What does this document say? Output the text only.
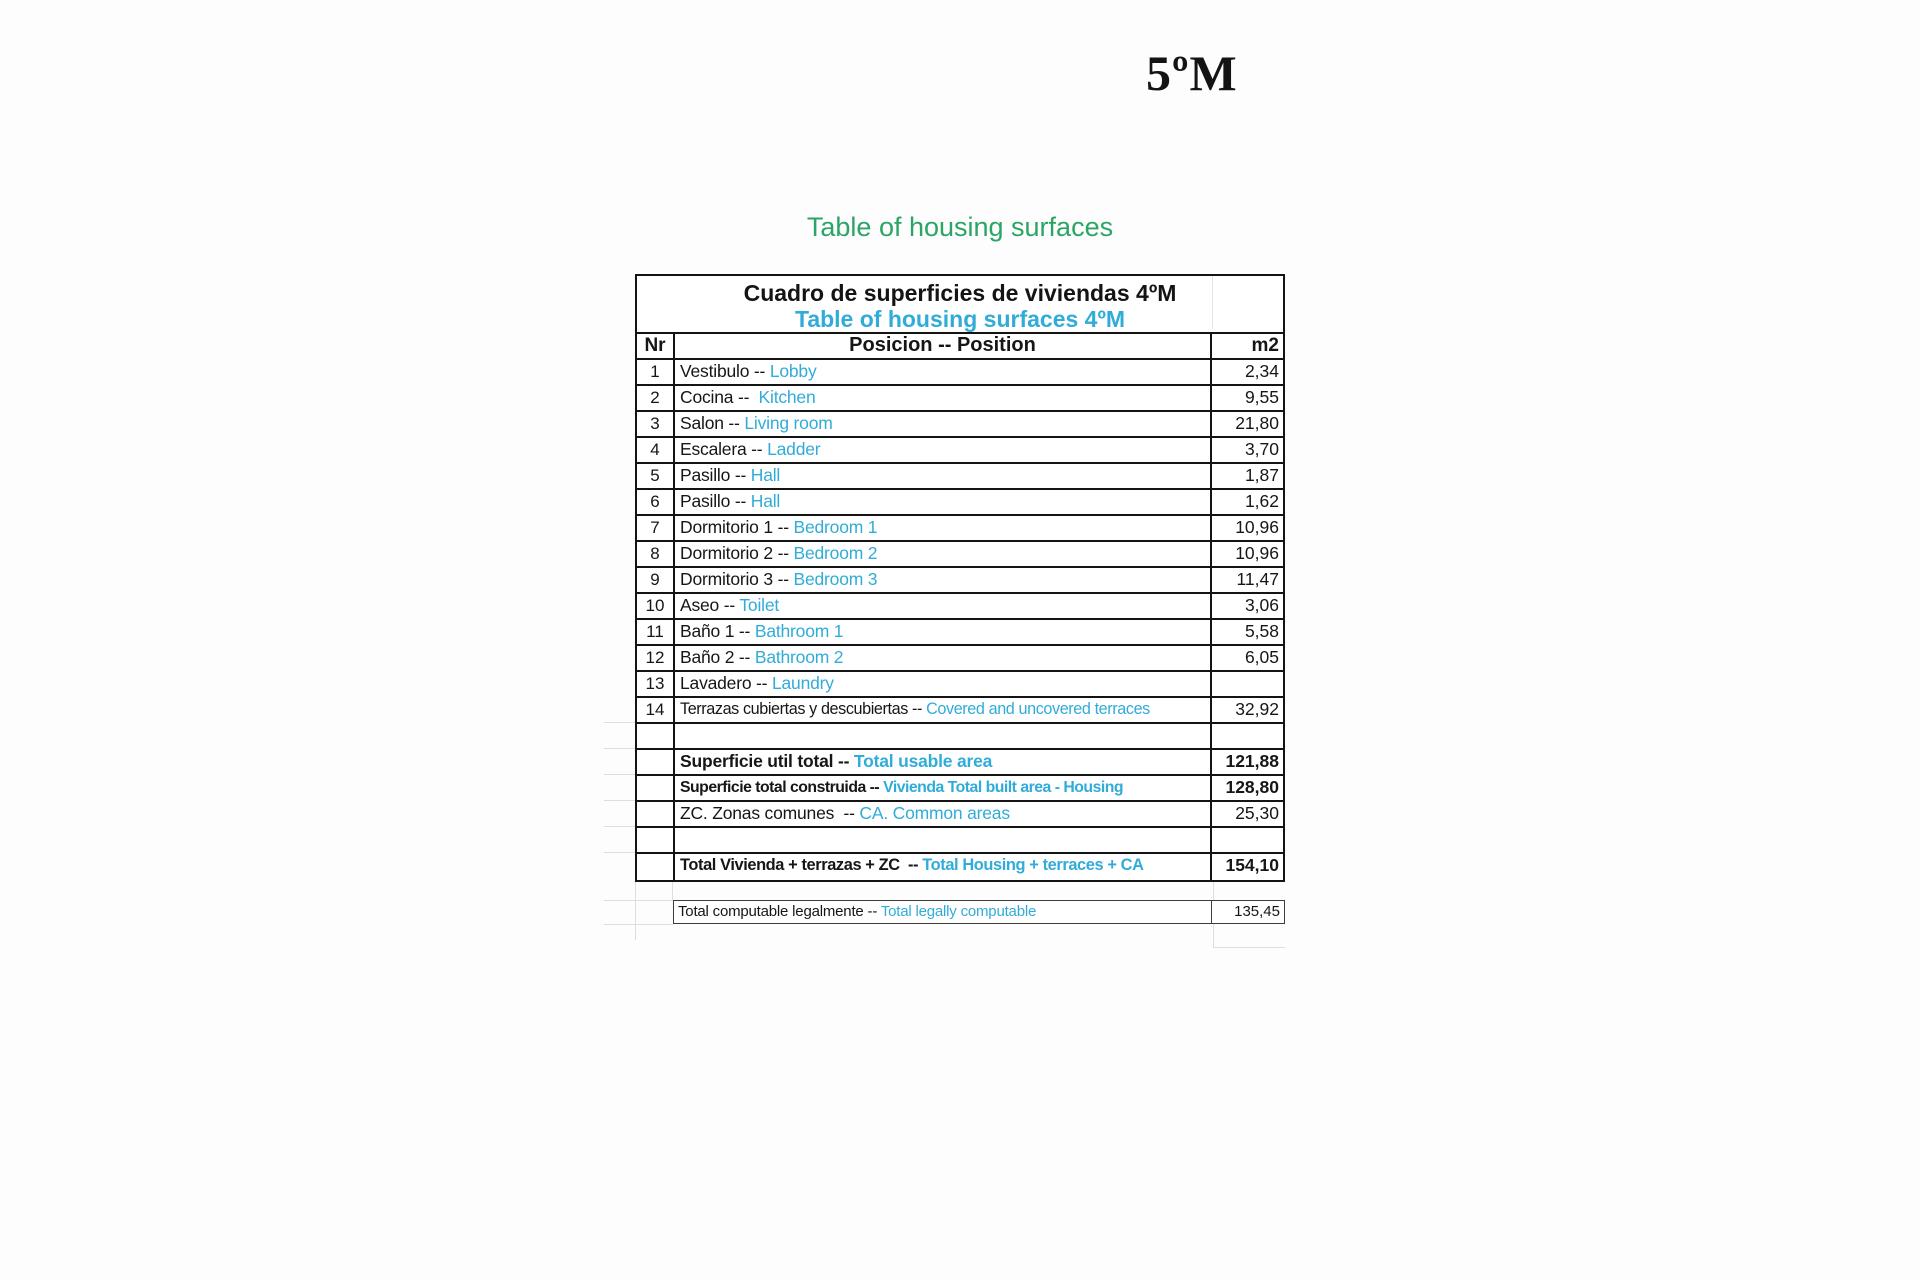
5ºM
Table of housing surfaces
Cuadro de superficies de viviendas 4ºM
Table of housing surfaces 4ºM
Nr	Posicion -- Position	m2
1	Vestibulo -- Lobby	2,34
2	Cocina --  Kitchen	9,55
3	Salon -- Living room	21,80
4	Escalera -- Ladder	3,70
5	Pasillo -- Hall	1,87
6	Pasillo -- Hall	1,62
7	Dormitorio 1 -- Bedroom 1	10,96
8	Dormitorio 2 -- Bedroom 2	10,96
9	Dormitorio 3 -- Bedroom 3	11,47
10 Aseo -- Toilet	3,06
11 Baño 1 -- Bathroom 1	5,58
12 Baño 2 -- Bathroom 2	6,05
13 Lavadero -- Laundry
14 Terrazas cubiertas y descubiertas -- Covered and uncovered terraces	32,92
Superficie util total -- Total usable area	121,88
Superficie total construida -- Vivienda Total built area - Housing	128,80
ZC. Zonas comunes  -- CA. Common areas	25,30
Total Vivienda + terrazas + ZC  -- Total Housing + terraces + CA	154,10
Total computable legalmente -- Total legally computable	135,45
